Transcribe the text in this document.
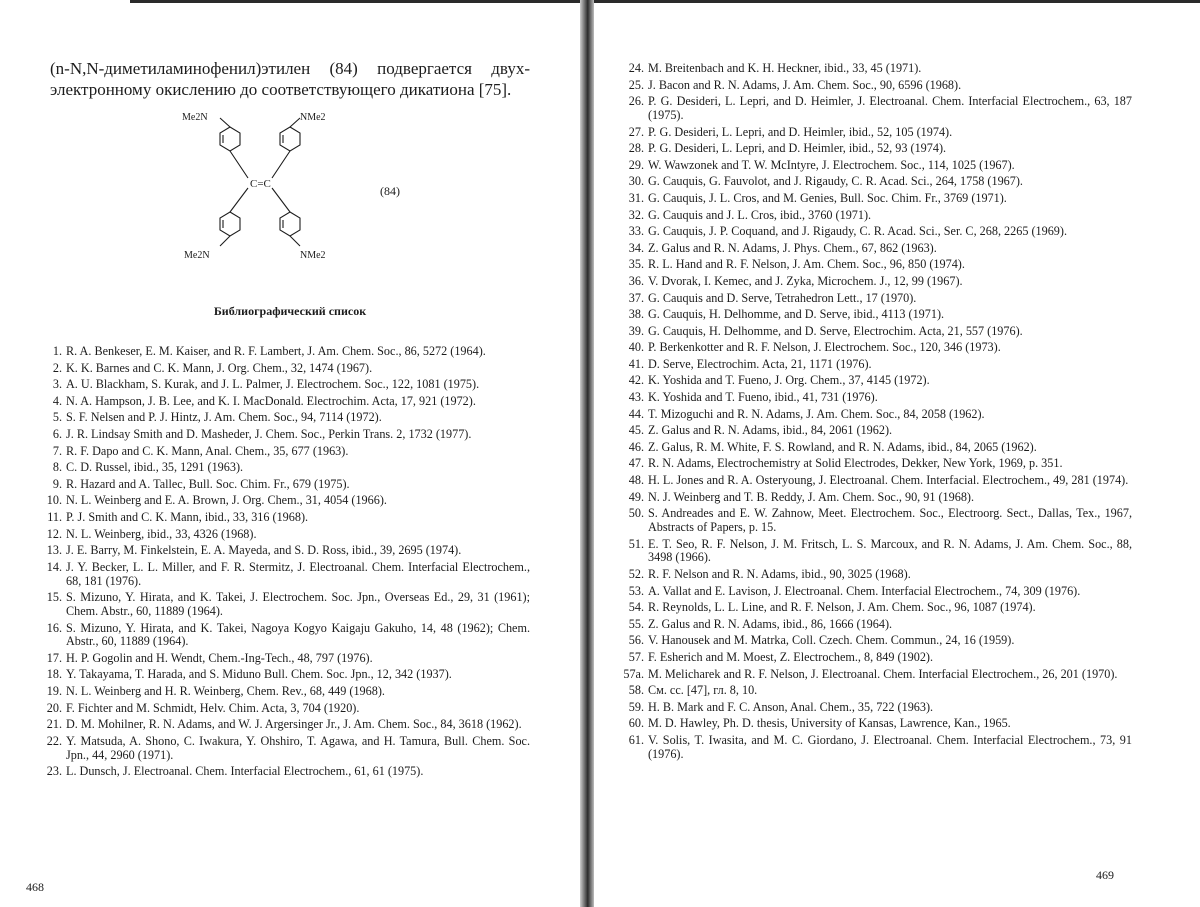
(n-N,N-диметиламинофенил)этилен (84) подвергается двух-
электронному окислению до соответствующего дикатиона [75].
Me2N	NMe2
C=C
Me2N	NMe2
(84)
Библиографический список
1. R. A. Benkeser, E. M. Kaiser, and R. F. Lambert, J. Am. Chem. Soc., 86, 5272 (1964).
2. K. K. Barnes and C. K. Mann, J. Org. Chem., 32, 1474 (1967).
3. A. U. Blackham, S. Kurak, and J. L. Palmer, J. Electrochem. Soc., 122, 1081 (1975).
4. N. A. Hampson, J. B. Lee, and K. I. MacDonald. Electrochim. Acta, 17, 921 (1972).
5. S. F. Nelsen and P. J. Hintz, J. Am. Chem. Soc., 94, 7114 (1972).
6. J. R. Lindsay Smith and D. Masheder, J. Chem. Soc., Perkin Trans. 2, 1732 (1977).
7. R. F. Dapo and C. K. Mann, Anal. Chem., 35, 677 (1963).
8. C. D. Russel, ibid., 35, 1291 (1963).
9. R. Hazard and A. Tallec, Bull. Soc. Chim. Fr., 679 (1975).
10. N. L. Weinberg and E. A. Brown, J. Org. Chem., 31, 4054 (1966).
11. P. J. Smith and C. K. Mann, ibid., 33, 316 (1968).
12. N. L. Weinberg, ibid., 33, 4326 (1968).
13. J. E. Barry, M. Finkelstein, E. A. Mayeda, and S. D. Ross, ibid., 39, 2695 (1974).
14. J. Y. Becker, L. L. Miller, and F. R. Stermitz, J. Electroanal. Chem. Interfacial Electrochem., 68, 181 (1976).
15. S. Mizuno, Y. Hirata, and K. Takei, J. Electrochem. Soc. Jpn., Overseas Ed., 29, 31 (1961); Chem. Abstr., 60, 11889 (1964).
16. S. Mizuno, Y. Hirata, and K. Takei, Nagoya Kogyo Kaigaju Gakuho, 14, 48 (1962); Chem. Abstr., 60, 11889 (1964).
17. H. P. Gogolin and H. Wendt, Chem.-Ing-Tech., 48, 797 (1976).
18. Y. Takayama, T. Harada, and S. Miduno Bull. Chem. Soc. Jpn., 12, 342 (1937).
19. N. L. Weinberg and H. R. Weinberg, Chem. Rev., 68, 449 (1968).
20. F. Fichter and M. Schmidt, Helv. Chim. Acta, 3, 704 (1920).
21. D. M. Mohilner, R. N. Adams, and W. J. Argersinger Jr., J. Am. Chem. Soc., 84, 3618 (1962).
22. Y. Matsuda, A. Shono, C. Iwakura, Y. Ohshiro, T. Agawa, and H. Tamura, Bull. Chem. Soc. Jpn., 44, 2960 (1971).
23. L. Dunsch, J. Electroanal. Chem. Interfacial Electrochem., 61, 61 (1975).
468
24. M. Breitenbach and K. H. Heckner, ibid., 33, 45 (1971).
25. J. Bacon and R. N. Adams, J. Am. Chem. Soc., 90, 6596 (1968).
26. P. G. Desideri, L. Lepri, and D. Heimler, J. Electroanal. Chem. Interfacial Electrochem., 63, 187 (1975).
27. P. G. Desideri, L. Lepri, and D. Heimler, ibid., 52, 105 (1974).
28. P. G. Desideri, L. Lepri, and D. Heimler, ibid., 52, 93 (1974).
29. W. Wawzonek and T. W. McIntyre, J. Electrochem. Soc., 114, 1025 (1967).
30. G. Cauquis, G. Fauvolot, and J. Rigaudy, C. R. Acad. Sci., 264, 1758 (1967).
31. G. Cauquis, J. L. Cros, and M. Genies, Bull. Soc. Chim. Fr., 3769 (1971).
32. G. Cauquis and J. L. Cros, ibid., 3760 (1971).
33. G. Cauquis, J. P. Coquand, and J. Rigaudy, C. R. Acad. Sci., Ser. C, 268, 2265 (1969).
34. Z. Galus and R. N. Adams, J. Phys. Chem., 67, 862 (1963).
35. R. L. Hand and R. F. Nelson, J. Am. Chem. Soc., 96, 850 (1974).
36. V. Dvorak, I. Kemec, and J. Zyka, Microchem. J., 12, 99 (1967).
37. G. Cauquis and D. Serve, Tetrahedron Lett., 17 (1970).
38. G. Cauquis, H. Delhomme, and D. Serve, ibid., 4113 (1971).
39. G. Cauquis, H. Delhomme, and D. Serve, Electrochim. Acta, 21, 557 (1976).
40. P. Berkenkotter and R. F. Nelson, J. Electrochem. Soc., 120, 346 (1973).
41. D. Serve, Electrochim. Acta, 21, 1171 (1976).
42. K. Yoshida and T. Fueno, J. Org. Chem., 37, 4145 (1972).
43. K. Yoshida and T. Fueno, ibid., 41, 731 (1976).
44. T. Mizoguchi and R. N. Adams, J. Am. Chem. Soc., 84, 2058 (1962).
45. Z. Galus and R. N. Adams, ibid., 84, 2061 (1962).
46. Z. Galus, R. M. White, F. S. Rowland, and R. N. Adams, ibid., 84, 2065 (1962).
47. R. N. Adams, Electrochemistry at Solid Electrodes, Dekker, New York, 1969, p. 351.
48. H. L. Jones and R. A. Osteryoung, J. Electroanal. Chem. Interfacial. Electrochem., 49, 281 (1974).
49. N. J. Weinberg and T. B. Reddy, J. Am. Chem. Soc., 90, 91 (1968).
50. S. Andreades and E. W. Zahnow, Meet. Electrochem. Soc., Electroorg. Sect., Dallas, Tex., 1967, Abstracts of Papers, p. 15.
51. E. T. Seo, R. F. Nelson, J. M. Fritsch, L. S. Marcoux, and R. N. Adams, J. Am. Chem. Soc., 88, 3498 (1966).
52. R. F. Nelson and R. N. Adams, ibid., 90, 3025 (1968).
53. A. Vallat and E. Lavison, J. Electroanal. Chem. Interfacial Electrochem., 74, 309 (1976).
54. R. Reynolds, L. L. Line, and R. F. Nelson, J. Am. Chem. Soc., 96, 1087 (1974).
55. Z. Galus and R. N. Adams, ibid., 86, 1666 (1964).
56. V. Hanousek and M. Matrka, Coll. Czech. Chem. Commun., 24, 16 (1959).
57. F. Esherich and M. Moest, Z. Electrochem., 8, 849 (1902).
57a. M. Melicharek and R. F. Nelson, J. Electroanal. Chem. Interfacial Electrochem., 26, 201 (1970).
58. См. сс. [47], гл. 8, 10.
59. H. B. Mark and F. C. Anson, Anal. Chem., 35, 722 (1963).
60. M. D. Hawley, Ph. D. thesis, University of Kansas, Lawrence, Kan., 1965.
61. V. Solis, T. Iwasita, and M. C. Giordano, J. Electroanal. Chem. Interfacial Electrochem., 73, 91 (1976).
469
